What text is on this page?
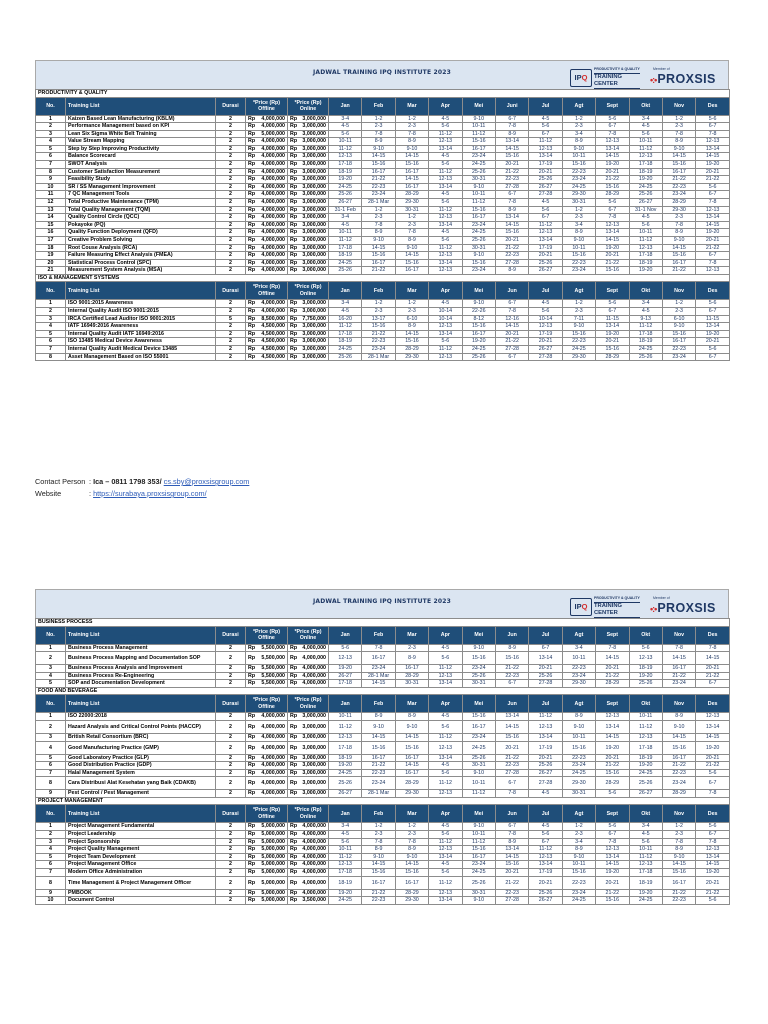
JADWAL TRAINING IPQ INSTITUTE 2023
IPQ
PRODUCTIVITY & QUALITY
TRAINING CENTER
Member of
•:•PROXSIS
PRODUCTIVITY & QUALITY																
No.	Training List	Durasi	*Price (Rp) Offline	*Price (Rp) Online	Jan	Feb	Mar	Apr	Mei	Juni	Jul	Agt	Sept	Okt	Nov	Des
1	Kaizen Based Lean Manufacturing (KBLM)	2	Rp 4,000,000	Rp 3,000,000	3-4	1-2	1-2	4-5	9-10	6-7	4-5	1-2	5-6	3-4	1-2	5-6
2	Performance Management based on KPI	2	Rp 4,000,000	Rp 3,000,000	4-5	2-3	2-3	5-6	10-11	7-8	5-6	2-3	6-7	4-5	2-3	6-7
3	Lean Six Sigma White Belt Training	2	Rp 5,000,000	Rp 3,000,000	5-6	7-8	7-8	11-12	11-12	8-9	6-7	3-4	7-8	5-6	7-8	7-8
4	Value Stream Mapping	2	Rp 4,000,000	Rp 3,000,000	10-11	8-9	8-9	12-13	15-16	13-14	11-12	8-9	12-13	10-11	8-9	12-13
5	Step by Step Improving Productivity	2	Rp 4,000,000	Rp 3,000,000	11-12	9-10	9-10	13-14	16-17	14-15	12-13	9-10	13-14	11-12	9-10	13-14
6	Balance Scorecard	2	Rp 4,000,000	Rp 3,000,000	12-13	14-15	14-15	4-5	23-24	15-16	13-14	10-11	14-15	12-13	14-15	14-15
7	SWOT Analysis	2	Rp 4,000,000	Rp 3,000,000	17-18	15-16	15-16	5-6	24-25	20-21	17-19	15-16	19-20	17-18	15-16	19-20
8	Customer Satisfaction Measurement	2	Rp 4,000,000	Rp 3,000,000	18-19	16-17	16-17	11-12	25-26	21-22	20-21	22-23	20-21	18-19	16-17	20-21
9	Feasibility Study	2	Rp 4,000,000	Rp 3,000,000	19-20	21-22	14-15	12-13	30-31	22-23	25-26	23-24	21-22	19-20	21-22	21-22
10	SR / SS Management Improvement	2	Rp 4,000,000	Rp 3,000,000	24-25	22-23	16-17	13-14	9-10	27-28	26-27	24-25	15-16	24-25	22-23	5-6
11	7 QC Management Tools	2	Rp 4,000,000	Rp 3,000,000	25-26	23-24	28-29	4-5	10-11	6-7	27-28	29-30	28-29	25-26	23-24	6-7
12	Total Productive Maintenance (TPM)	2	Rp 4,000,000	Rp 3,000,000	26-27	28-1 Mar	29-30	5-6	11-12	7-8	4-5	30-31	5-6	26-27	28-29	7-8
13	Total Quality Management (TQM)	2	Rp 4,000,000	Rp 3,000,000	31-1 Feb	1-2	30-31	11-12	15-16	8-9	5-6	1-2	6-7	31-1 Nov	29-30	12-13
14	Quality Control Circle (QCC)	2	Rp 4,000,000	Rp 3,000,000	3-4	2-3	1-2	12-13	16-17	13-14	6-7	2-3	7-8	4-5	2-3	13-14
15	Pokayoke (PQ)	2	Rp 4,000,000	Rp 3,000,000	4-5	7-8	2-3	13-14	23-24	14-15	11-12	3-4	12-13	5-6	7-8	14-15
16	Quality Function Deployment (QFD)	2	Rp 4,000,000	Rp 3,000,000	10-11	8-9	7-8	4-5	24-25	15-16	12-13	8-9	13-14	10-11	8-9	19-20
17	Creative Problem Solving	2	Rp 4,000,000	Rp 3,000,000	11-12	9-10	8-9	5-6	25-26	20-21	13-14	9-10	14-15	11-12	9-10	20-21
18	Root Couse Analysis (RCA)	2	Rp 4,000,000	Rp 3,000,000	17-18	14-15	9-10	11-12	30-31	21-22	17-19	10-11	19-20	12-13	14-15	21-22
19	Failure Measuring Effect Analysis (FMEA)	2	Rp 4,000,000	Rp 3,000,000	18-19	15-16	14-15	12-13	9-10	22-23	20-21	15-16	20-21	17-18	15-16	6-7
20	Statistical Process Control (SPC)	2	Rp 4,000,000	Rp 3,000,000	24-25	16-17	15-16	13-14	15-16	27-28	25-26	22-23	21-22	18-19	16-17	7-8
21	Measurement System Analysis (MSA)	2	Rp 4,000,000	Rp 3,000,000	25-26	21-22	16-17	12-13	23-24	8-9	26-27	23-24	15-16	19-20	21-22	12-13
ISO & MANAGEMENT SYSTEMS																
No.	Training List	Durasi	*Price (Rp) Offline	*Price (Rp) Online	Jan	Feb	Mar	Apr	Mei	Jun	Jul	Agt	Sept	Okt	Nov	Des
1	ISO 9001:2015 Awareness	2	Rp 4,000,000	Rp 3,000,000	3-4	1-2	1-2	4-5	9-10	6-7	4-5	1-2	5-6	3-4	1-2	5-6
2	Internal Quality Audit ISO 9001:2015	2	Rp 4,000,000	Rp 3,000,000	4-5	2-3	2-3	10-14	22-26	7-8	5-6	2-3	6-7	4-5	2-3	6-7
3	IRCA Certified Lead Auditor ISO 9001:2015	5	Rp 8,500,000	Rp 7,750,000	16-20	13-17	6-10	10-14	8-12	12-16	10-14	7-11	11-15	9-13	6-10	11-15
4	IATF 16949:2016 Awareness	2	Rp 4,500,000	Rp 3,000,000	11-12	15-16	8-9	12-13	15-16	14-15	12-13	9-10	13-14	11-12	9-10	13-14
5	Internal Quality Audit IATF 16949:2016	2	Rp 4,500,000	Rp 3,000,000	17-18	21-22	14-15	13-14	16-17	20-21	17-19	15-16	19-20	17-18	15-16	19-20
6	ISO 13485 Medical Device Awareness	2	Rp 4,500,000	Rp 3,000,000	18-19	22-23	15-16	5-6	19-20	21-22	20-21	22-23	20-21	18-19	16-17	20-21
7	Internal Quality Audit Medical Device 13485	2	Rp 4,500,000	Rp 3,000,000	24-25	23-24	28-29	11-12	24-25	27-28	26-27	24-25	15-16	24-25	22-23	5-6
8	Asset Management Based on ISO 55001	2	Rp 4,500,000	Rp 3,000,000	25-26	28-1 Mar	29-30	12-13	25-26	6-7	27-28	29-30	28-29	25-26	23-24	6-7
Contact Person : Ica – 0811 1798 353/ cs.sby@proxsisgroup.com
Website	: https://surabaya.proxsisgroup.com/
JADWAL TRAINING IPQ INSTITUTE 2023
IPQ
PRODUCTIVITY & QUALITY
TRAINING CENTER
Member of
•:•PROXSIS
BUSINESS PROCESS																
No.	Training List	Durasi	*Price (Rp) Offline	*Price (Rp) Online	Jan	Feb	Mar	Apr	Mei	Jun	Jul	Agt	Sept	Okt	Nov	Des
1	Business Process Management	2	Rp 5,500,000	Rp 4,000,000	5-6	7-8	2-3	4-5	9-10	8-9	6-7	3-4	7-8	5-6	7-8	7-8
2	Business Process Mapping and Documentation SOP	2	Rp 5,500,000	Rp 4,000,000	12-13	16-17	8-9	5-6	15-16	15-16	13-14	10-11	14-15	12-13	14-15	14-15
3	Business Process Analysis and Improvement	2	Rp 5,500,000	Rp 4,000,000	19-20	23-24	16-17	11-12	23-24	21-22	20-21	22-23	20-21	18-19	16-17	20-21
4	Business Process Re-Engineering	2	Rp 5,500,000	Rp 4,000,000	26-27	28-1 Mar	28-29	12-13	25-26	22-23	25-26	23-24	21-22	19-20	21-22	21-22
5	SOP and Documentation Development	2	Rp 5,500,000	Rp 4,000,000	17-18	14-15	30-31	13-14	30-31	6-7	27-28	29-30	28-29	25-26	23-24	6-7
FOOD AND BEVERAGE																
No.	Training List	Durasi	*Price (Rp) Offline	*Price (Rp) Online	Jan	Feb	Mar	Apr	Mei	Jun	Jul	Agt	Sept	Okt	Nov	Des
1	ISO 22000:2018	2	Rp 4,000,000	Rp 3,000,000	10-11	8-9	8-9	4-5	15-16	13-14	11-12	8-9	12-13	10-11	8-9	12-13
2	Hazard Analysis and Critical Control Points (HACCP)	2	Rp 4,000,000	Rp 3,000,000	11-12	9-10	9-10	5-6	16-17	14-15	12-13	9-10	13-14	11-12	9-10	13-14
3	British Retail Consortium (BRC)	2	Rp 4,000,000	Rp 3,000,000	12-13	14-15	14-15	11-12	23-24	15-16	13-14	10-11	14-15	12-13	14-15	14-15
4	Good Manufacturing Practice (GMP)	2	Rp 4,000,000	Rp 3,000,000	17-18	15-16	15-16	12-13	24-25	20-21	17-19	15-16	19-20	17-18	15-16	19-20
5	Good Laboratory Practice (GLP)	2	Rp 4,000,000	Rp 3,000,000	18-19	16-17	16-17	13-14	25-26	21-22	20-21	22-23	20-21	18-19	16-17	20-21
6	Good Distribution Practice (GDP)	2	Rp 4,000,000	Rp 3,000,000	19-20	21-22	14-15	4-5	30-31	22-23	25-26	23-24	21-22	19-20	21-22	21-22
7	Halal Management System	2	Rp 4,000,000	Rp 3,000,000	24-25	22-23	16-17	5-6	9-10	27-28	26-27	24-25	15-16	24-25	22-23	5-6
8	Cara Distribusi Alat Kesehatan yang Baik (CDAKB)	2	Rp 4,000,000	Rp 3,000,000	25-26	23-24	28-29	11-12	10-11	6-7	27-28	29-30	28-29	25-26	23-24	6-7
9	Pest Control / Pest Management	2	Rp 4,000,000	Rp 3,000,000	26-27	28-1 Mar	29-30	12-13	11-12	7-8	4-5	30-31	5-6	26-27	28-29	7-8
PROJECT MANAGEMENT																
No.	Training List	Durasi	*Price (Rp) Offline	*Price (Rp) Online	Jan	Feb	Mar	Apr	Mei	Jun	Jul	Agt	Sept	Okt	Nov	Des
1	Project Management Fundamental	2	Rp 5,000,000	Rp 4,000,000	3-4	1-2	1-2	4-5	9-10	6-7	4-5	1-2	5-6	3-4	1-2	5-6
2	Project Leadership	2	Rp 5,000,000	Rp 4,000,000	4-5	2-3	2-3	5-6	10-11	7-8	5-6	2-3	6-7	4-5	2-3	6-7
3	Project Sponsorship	2	Rp 5,000,000	Rp 4,000,000	5-6	7-8	7-8	11-12	11-12	8-9	6-7	3-4	7-8	5-6	7-8	7-8
4	Project Quality Management	2	Rp 5,000,000	Rp 4,000,000	10-11	8-9	8-9	12-13	15-16	13-14	11-12	8-9	12-13	10-11	8-9	12-13
5	Project Team Development	2	Rp 5,000,000	Rp 4,000,000	11-12	9-10	9-10	13-14	16-17	14-15	12-13	9-10	13-14	11-12	9-10	13-14
6	Project Management Office	2	Rp 5,000,000	Rp 4,000,000	12-13	14-15	14-15	4-5	23-24	15-16	13-14	10-11	14-15	12-13	14-15	14-15
7	Modern Office Administration	2	Rp 5,000,000	Rp 4,000,000	17-18	15-16	15-16	5-6	24-25	20-21	17-19	15-16	19-20	17-18	15-16	19-20
8	Time Management & Project Management Officer	2	Rp 5,000,000	Rp 4,000,000	18-19	16-17	16-17	11-12	25-26	21-22	20-21	22-23	20-21	18-19	16-17	20-21
9	PMBOOK	2	Rp 5,000,000	Rp 4,000,000	19-20	21-22	28-29	12-13	30-31	22-23	25-26	23-24	21-22	19-20	21-22	21-22
10	Document Control	2	Rp 5,000,000	Rp 3,500,000	24-25	22-23	29-30	13-14	9-10	27-28	26-27	24-25	15-16	24-25	22-23	5-6
